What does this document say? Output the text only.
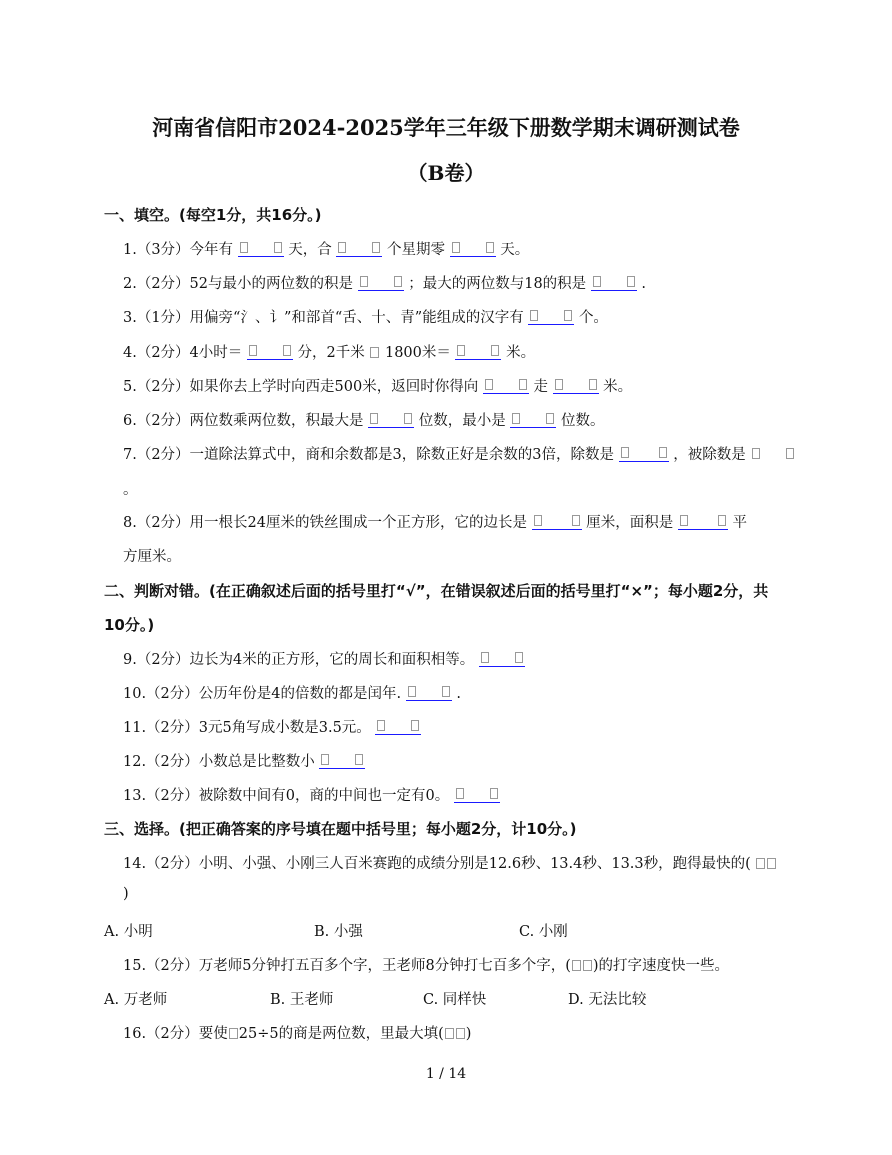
河南省信阳市2024-2025学年三年级下册数学期末调研测试卷
（B卷）
一、填空。(每空1分，共16分。)
1.（3分）今年有	天，合	个星期零	天。
2.（2分）52与最小的两位数的积是	；最大的两位数与18的积是	.
3.（1分）用偏旁“氵、讠”和部首“舌、十、青”能组成的汉字有	个。
4.（2分）4小时＝	分，2千米 1800米＝	米。
5.（2分）如果你去上学时向西走500米，返回时你得向	走	米。
6.（2分）两位数乘两位数，积最大是	位数，最小是	位数。
7.（2分）一道除法算式中，商和余数都是3，除数正好是余数的3倍，除数是	，被除数是
。
8.（2分）用一根长24厘米的铁丝围成一个正方形，它的边长是	厘米，面积是	平
方厘米。
二、判断对错。(在正确叙述后面的括号里打“√”，在错误叙述后面的括号里打“×”；每小题2分，共
10分。)
9.（2分）边长为4米的正方形，它的周长和面积相等。
10.（2分）公历年份是4的倍数的都是闰年.	.
11.（2分）3元5角写成小数是3.5元。
12.（2分）小数总是比整数小
13.（2分）被除数中间有0，商的中间也一定有0。
三、选择。(把正确答案的序号填在题中括号里；每小题2分，计10分。)
14.（2分）小明、小强、小刚三人百米赛跑的成绩分别是12.6秒、13.4秒、13.3秒，跑得最快的(
)
A. 小明	B. 小强	C. 小刚
15.（2分）万老师5分钟打五百多个字，王老师8分钟打七百多个字，( )的打字速度快一些。
A. 万老师	B. 王老师	C. 同样快	D. 无法比较
16.（2分）要使 25÷5的商是两位数，里最大填( )
1 / 14
